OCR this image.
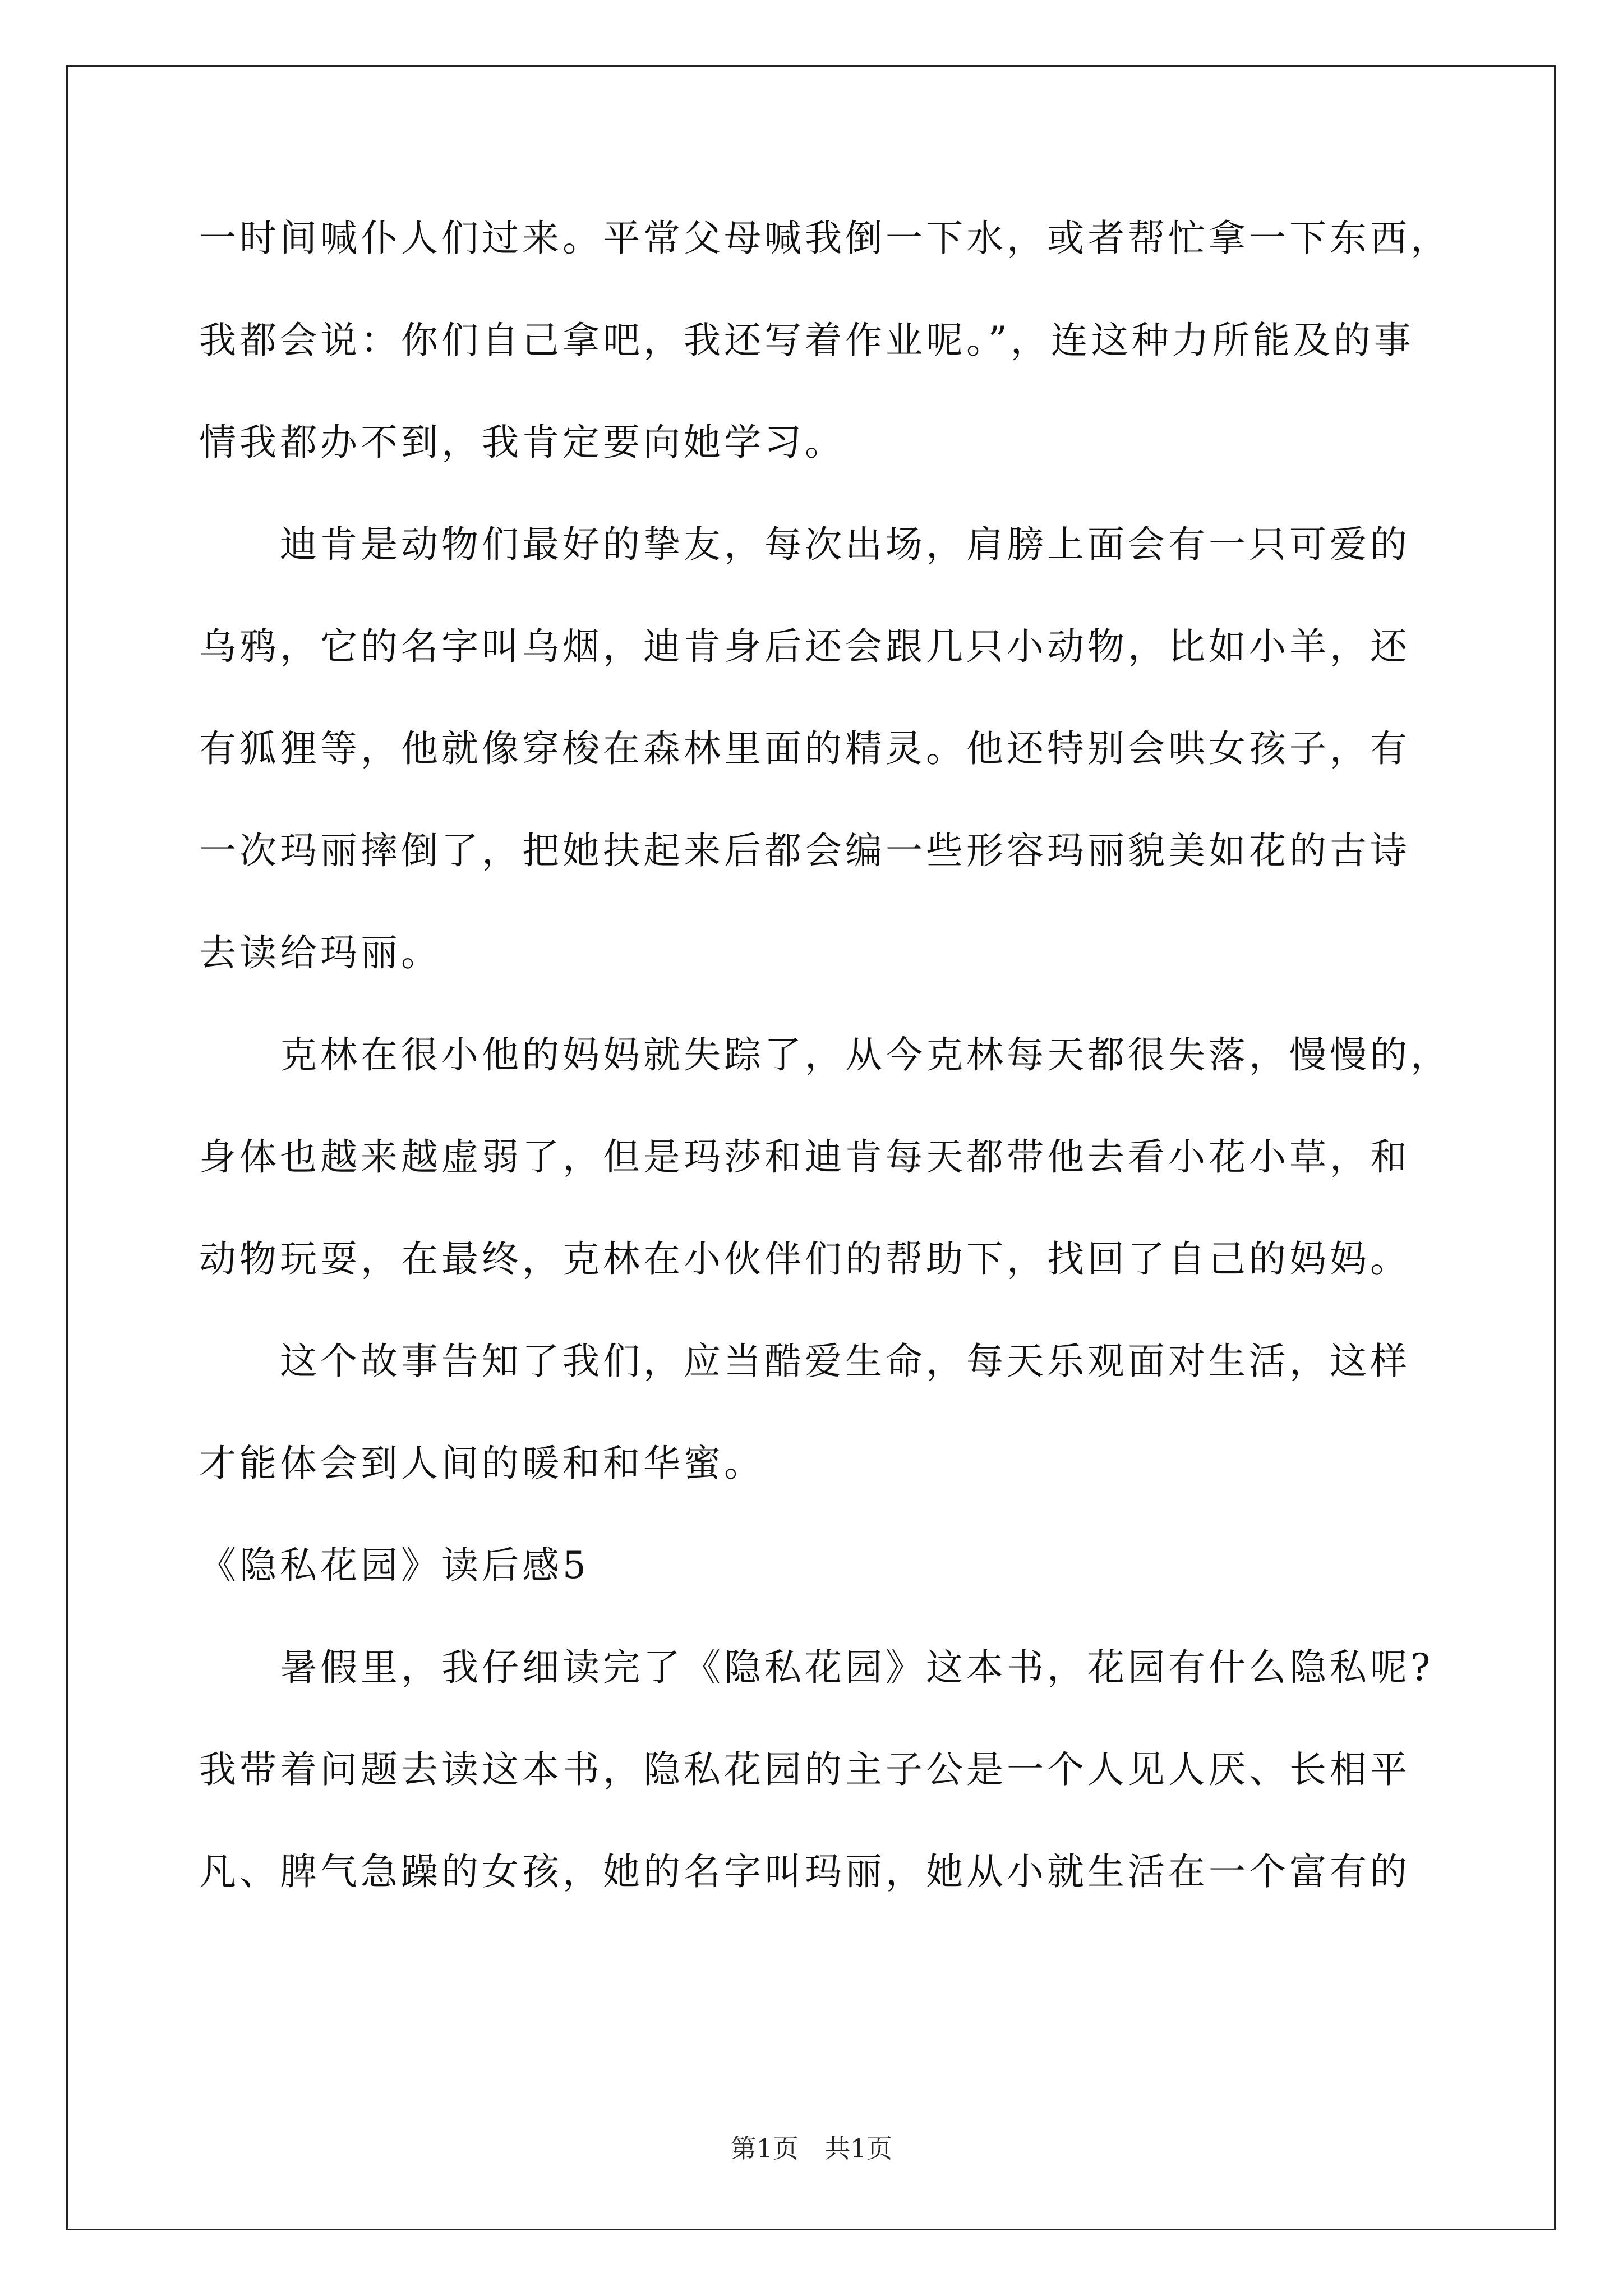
一时间喊仆人们过来。平常父母喊我倒一下水，或者帮忙拿一下东西，
我都会说：你们自己拿吧，我还写着作业呢。”，连这种力所能及的事
情我都办不到，我肯定要向她学习。
　　迪肯是动物们最好的挚友，每次出场，肩膀上面会有一只可爱的
乌鸦，它的名字叫乌烟，迪肯身后还会跟几只小动物，比如小羊，还
有狐狸等，他就像穿梭在森林里面的精灵。他还特别会哄女孩子，有
一次玛丽摔倒了，把她扶起来后都会编一些形容玛丽貌美如花的古诗
去读给玛丽。
　　克林在很小他的妈妈就失踪了，从今克林每天都很失落，慢慢的，
身体也越来越虚弱了，但是玛莎和迪肯每天都带他去看小花小草，和
动物玩耍，在最终，克林在小伙伴们的帮助下，找回了自己的妈妈。
　　这个故事告知了我们，应当酷爱生命，每天乐观面对生活，这样
才能体会到人间的暖和和华蜜。
《隐私花园》读后感5
　　暑假里，我仔细读完了《隐私花园》这本书，花园有什么隐私呢?
我带着问题去读这本书，隐私花园的主子公是一个人见人厌、长相平
凡、脾气急躁的女孩，她的名字叫玛丽，她从小就生活在一个富有的
第1页　共1页
